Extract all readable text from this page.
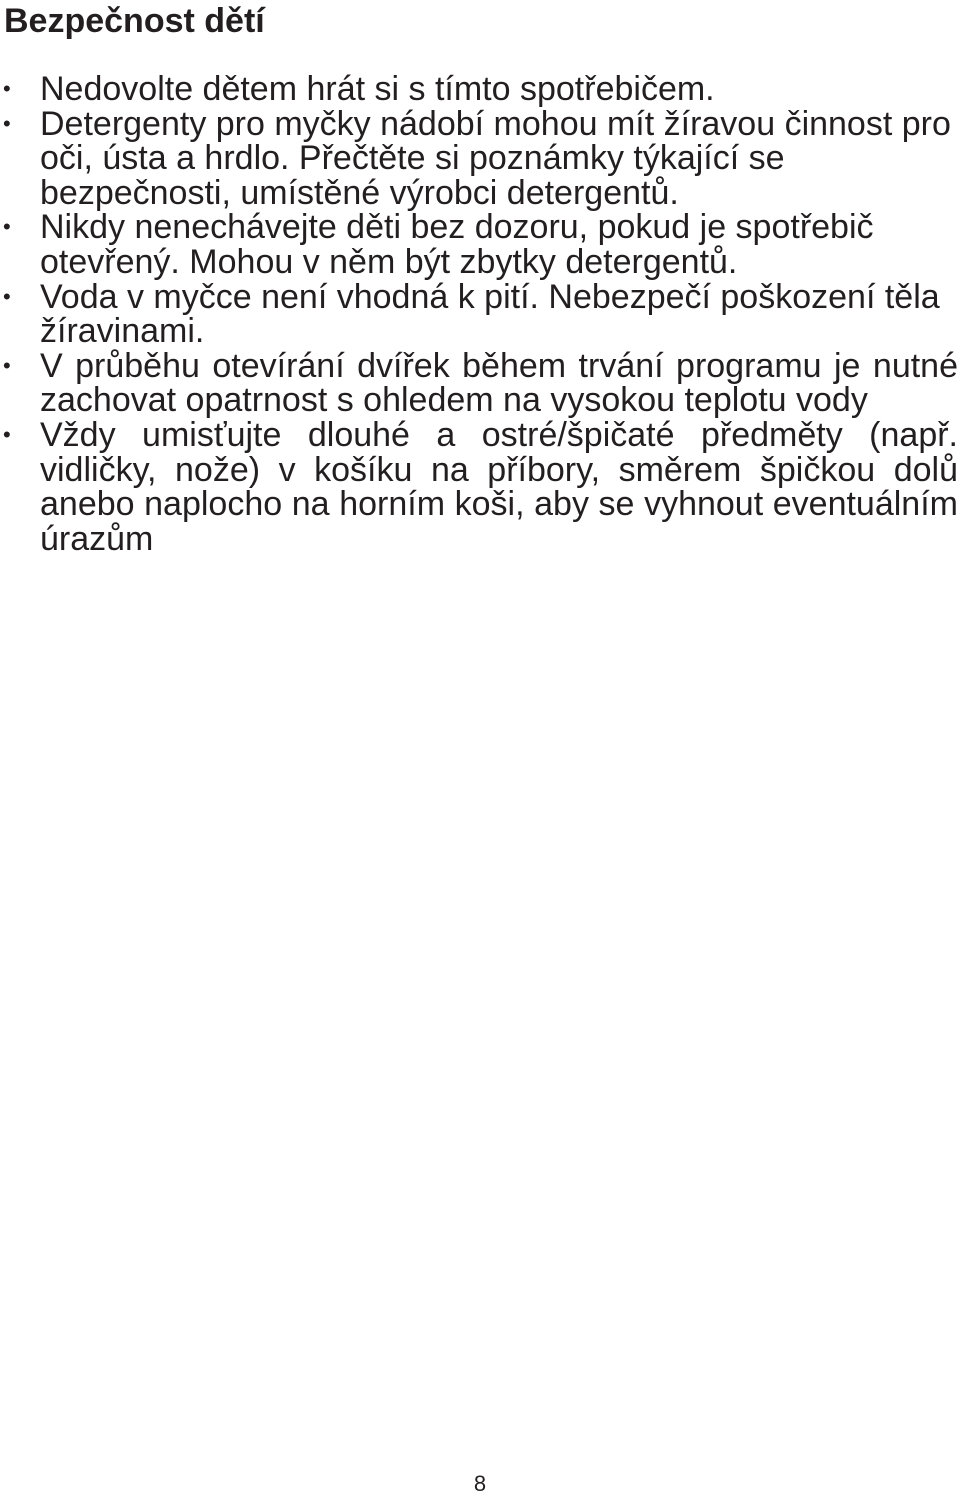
Bezpečnost dětí
• Nedovolte dětem hrát si s tímto spotřebičem.
• Detergenty pro myčky nádobí mohou mít žíravou činnost pro oči, ústa a hrdlo. Přečtěte si poznámky týkající se bezpečnosti, umístěné výrobci detergentů.
• Nikdy nenechávejte děti bez dozoru, pokud je spotřebič otevřený. Mohou v něm být zbytky detergentů.
• Voda v myčce není vhodná k pití. Nebezpečí poškození těla žíravinami.
• V průběhu otevírání dvířek během trvání programu je nutné zachovat opatrnost s ohledem na vysokou teplotu vody
• Vždy umisťujte dlouhé a ostré/špičaté předměty (např. vidličky, nože) v košíku na příbory, směrem špičkou dolů anebo naplocho na horním koši, aby se vyhnout eventuálním úrazům
8
